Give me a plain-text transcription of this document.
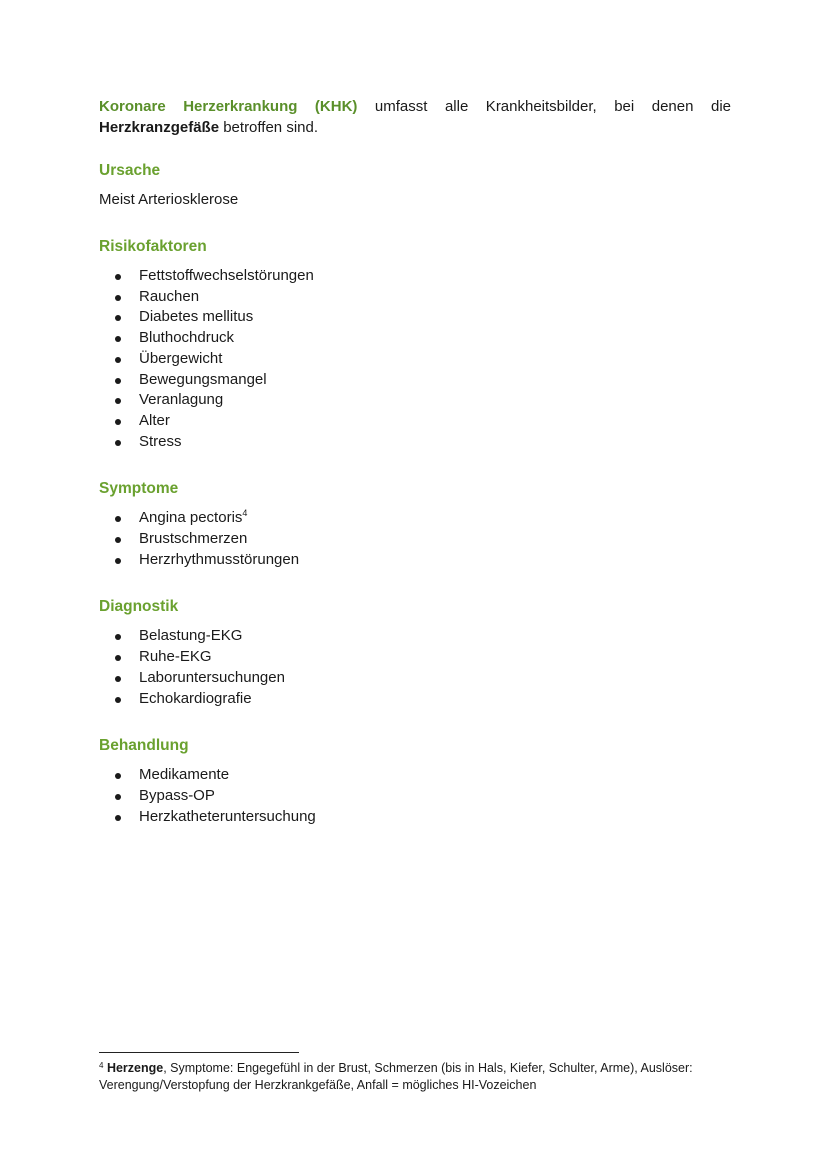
Koronare Herzerkrankung (KHK) umfasst alle Krankheitsbilder, bei denen die Herzkranzgefäße betroffen sind.

Ursache

Meist Arteriosklerose

Risikofaktoren
Fettstoffwechselstörungen
Rauchen
Diabetes mellitus
Bluthochdruck
Übergewicht
Bewegungsmangel
Veranlagung
Alter
Stress
Symptome
Angina pectoris$^4$
Brustschmerzen
Herzrhythmusstörungen
Diagnostik
Belastung-EKG
Ruhe-EKG
Laboruntersuchungen
Echokardiografie
Behandlung
Medikamente
Bypass-OP
Herzkatheteruntersuchung
$^4$ Herzenge, Symptome: Engegefühl in der Brust, Schmerzen (bis in Hals, Kiefer, Schulter, Arme), Auslöser: Verengung/Verstopfung der Herzkrankgefäße, Anfall = mögliches HI-Vozeichen
